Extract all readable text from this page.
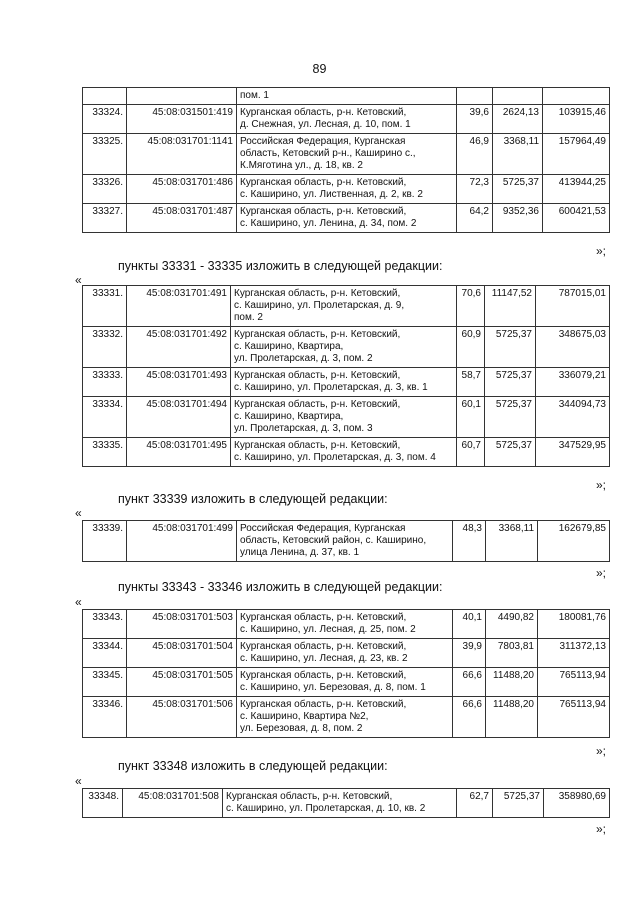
89
		пом. 1			
33324.	45:08:031501:419	Курганская область, р-н. Кетовский,
д. Снежная, ул. Лесная, д. 10, пом. 1	39,6	2624,13	103915,46
33325.	45:08:031701:1141	Российская Федерация, Курганская
область, Кетовский р-н., Каширино с.,
К.Мяготина ул., д. 18, кв. 2	46,9	3368,11	157964,49
33326.	45:08:031701:486	Курганская область, р-н. Кетовский,
с. Каширино, ул. Лиственная, д. 2, кв. 2	72,3	5725,37	413944,25
33327.	45:08:031701:487	Курганская область, р-н. Кетовский,
с. Каширино, ул. Ленина, д. 34, пом. 2	64,2	9352,36	600421,53
»;
пункты 33331 - 33335 изложить в следующей редакции:
«
33331.	45:08:031701:491	Курганская область, р-н. Кетовский,
с. Каширино, ул. Пролетарская, д. 9,
пом. 2	70,6	11147,52	787015,01
33332.	45:08:031701:492	Курганская область, р-н. Кетовский,
с. Каширино, Квартира,
ул. Пролетарская, д. 3, пом. 2	60,9	5725,37	348675,03
33333.	45:08:031701:493	Курганская область, р-н. Кетовский,
с. Каширино, ул. Пролетарская, д. 3, кв. 1	58,7	5725,37	336079,21
33334.	45:08:031701:494	Курганская область, р-н. Кетовский,
с. Каширино, Квартира,
ул. Пролетарская, д. 3, пом. 3	60,1	5725,37	344094,73
33335.	45:08:031701:495	Курганская область, р-н. Кетовский,
с. Каширино, ул. Пролетарская, д. 3, пом. 4	60,7	5725,37	347529,95
»;
пункт 33339 изложить в следующей редакции:
«
33339.	45:08:031701:499	Российская Федерация, Курганская
область, Кетовский район, с. Каширино,
улица Ленина, д. 37, кв. 1	48,3	3368,11	162679,85
»;
пункты 33343 - 33346 изложить в следующей редакции:
«
33343.	45:08:031701:503	Курганская область, р-н. Кетовский,
с. Каширино, ул. Лесная, д. 25, пом. 2	40,1	4490,82	180081,76
33344.	45:08:031701:504	Курганская область, р-н. Кетовский,
с. Каширино, ул. Лесная, д. 23, кв. 2	39,9	7803,81	311372,13
33345.	45:08:031701:505	Курганская область, р-н. Кетовский,
с. Каширино, ул. Березовая, д. 8, пом. 1	66,6	11488,20	765113,94
33346.	45:08:031701:506	Курганская область, р-н. Кетовский,
с. Каширино, Квартира №2,
ул. Березовая, д. 8, пом. 2	66,6	11488,20	765113,94
»;
пункт 33348 изложить в следующей редакции:
«
33348.	45:08:031701:508	Курганская область, р-н. Кетовский,
с. Каширино, ул. Пролетарская, д. 10, кв. 2	62,7	5725,37	358980,69
»;
